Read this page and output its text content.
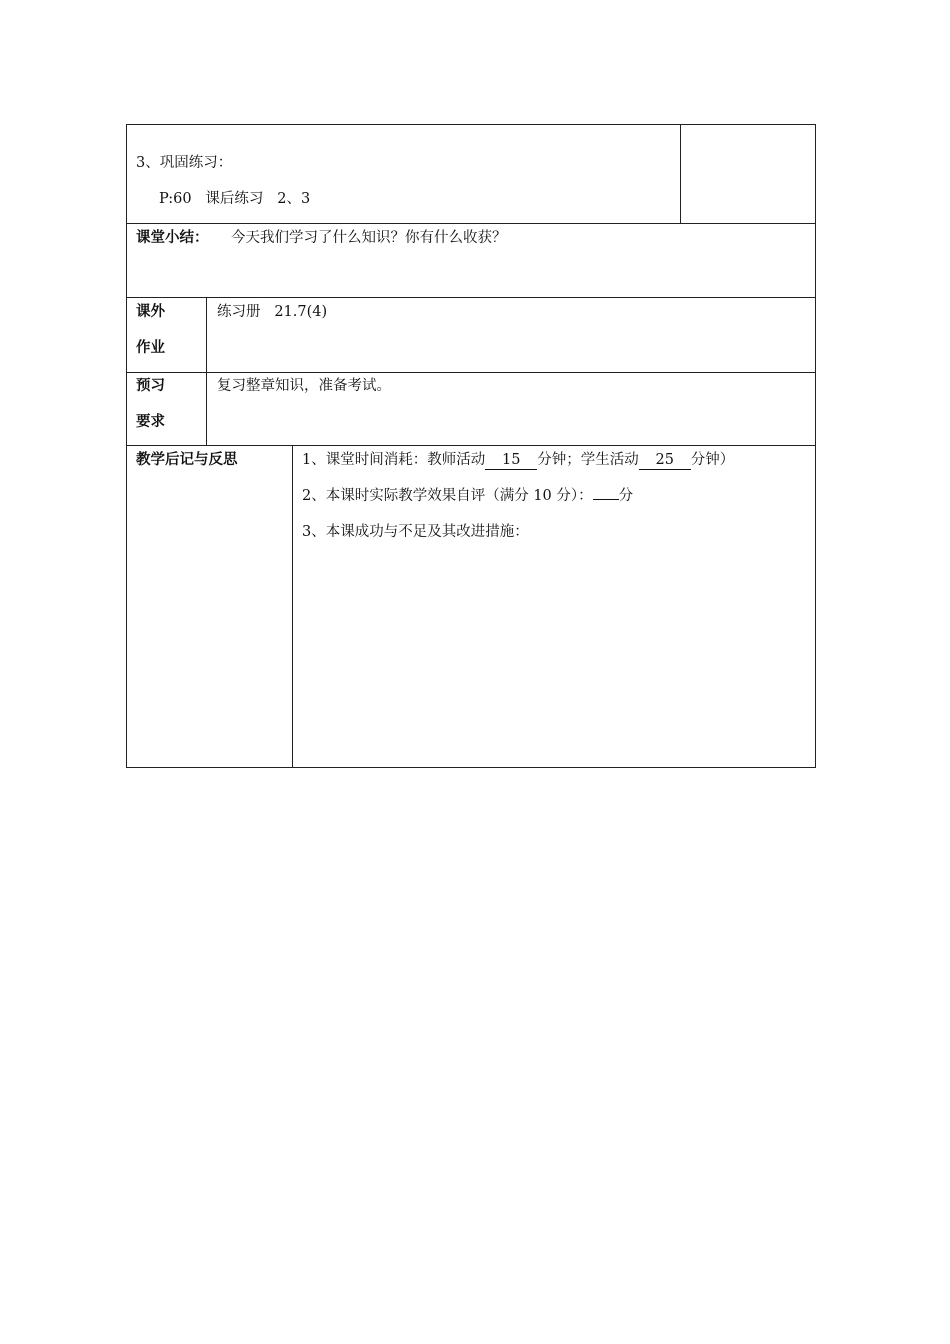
3、巩固练习：
P:60   课后练习   2、3
课堂小结： 今天我们学习了什么知识？你有什么收获？
课外
作业
练习册   21.7(4)
预习
要求
复习整章知识，准备考试。
教学后记与反思	1、课堂时间消耗：教师活动 15 分钟；学生活动 25 分钟）
2、本课时实际教学效果自评（满分 10 分）： 分
3、本课成功与不足及其改进措施：
